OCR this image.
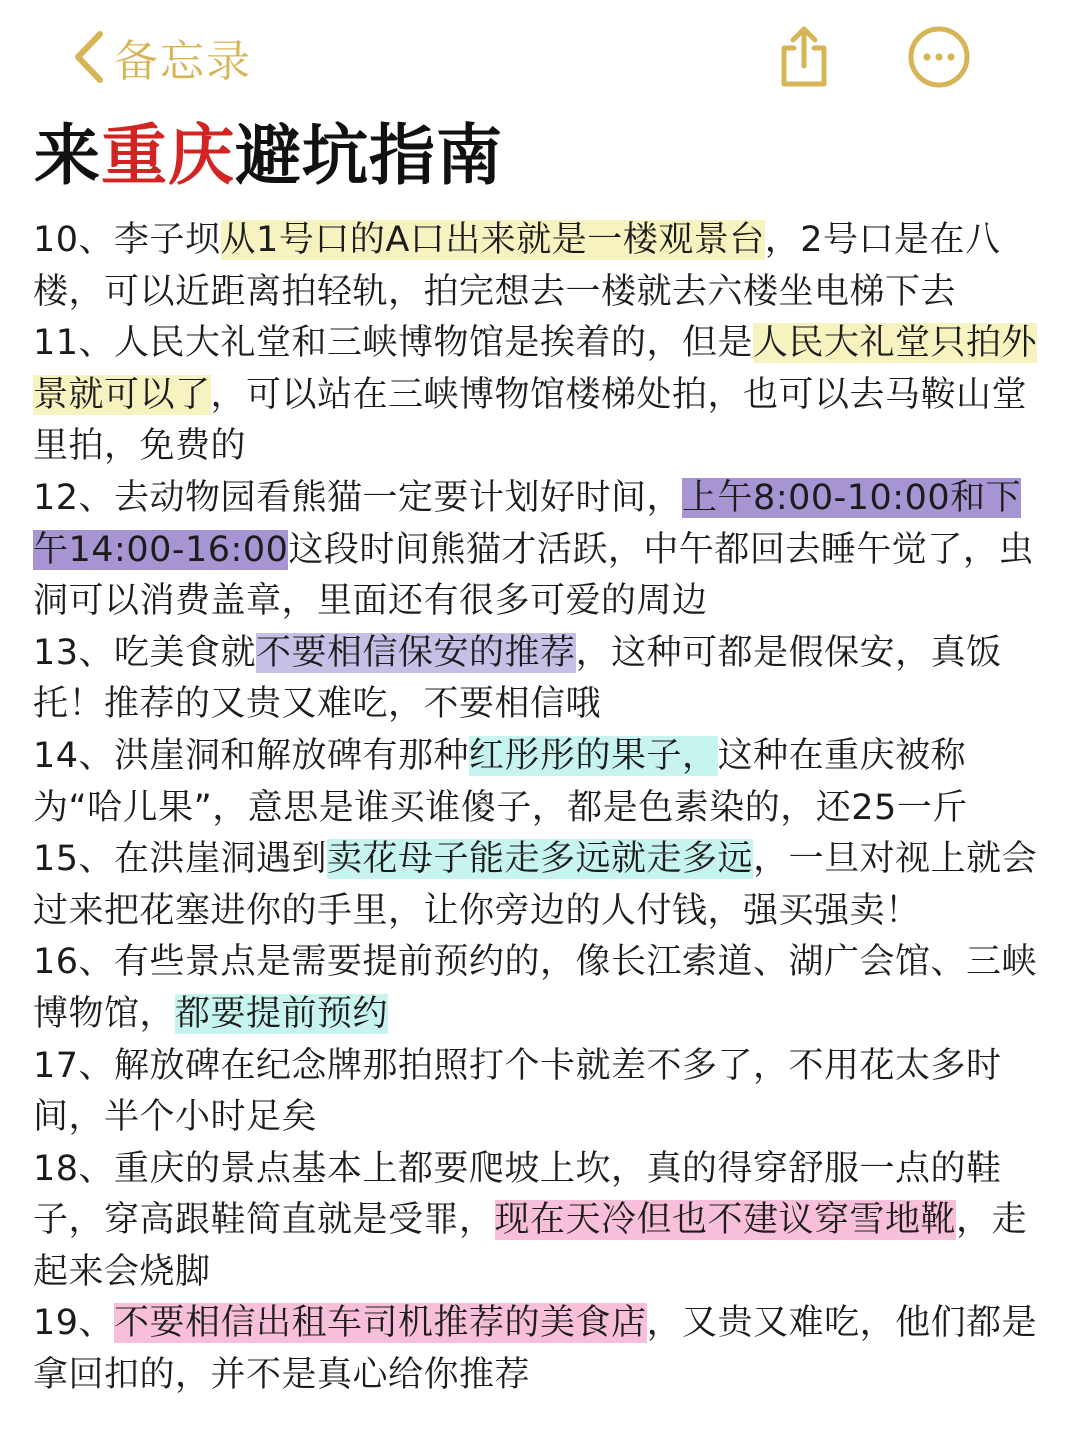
备忘录
来重庆避坑指南

10、李子坝从1号口的A口出来就是一楼观景台，2号口是在八楼，可以近距离拍轻轨，拍完想去一楼就去六楼坐电梯下去

11、人民大礼堂和三峡博物馆是挨着的，但是人民大礼堂只拍外景就可以了，可以站在三峡博物馆楼梯处拍，也可以去马鞍山堂里拍，免费的

12、去动物园看熊猫一定要计划好时间，上午8:00-10:00和下午14:00-16:00这段时间熊猫才活跃，中午都回去睡午觉了，虫洞可以消费盖章，里面还有很多可爱的周边

13、吃美食就不要相信保安的推荐，这种可都是假保安，真饭托！推荐的又贵又难吃，不要相信哦

14、洪崖洞和解放碑有那种红彤彤的果子，这种在重庆被称为“哈儿果”，意思是谁买谁傻子，都是色素染的，还25一斤

15、在洪崖洞遇到卖花母子能走多远就走多远，一旦对视上就会过来把花塞进你的手里，让你旁边的人付钱，强买强卖！

16、有些景点是需要提前预约的，像长江索道、湖广会馆、三峡博物馆，都要提前预约

17、解放碑在纪念牌那拍照打个卡就差不多了，不用花太多时间，半个小时足矣

18、重庆的景点基本上都要爬坡上坎，真的得穿舒服一点的鞋子，穿高跟鞋简直就是受罪，现在天冷但也不建议穿雪地靴，走起来会烧脚

19、不要相信出租车司机推荐的美食店，又贵又难吃，他们都是拿回扣的，并不是真心给你推荐
